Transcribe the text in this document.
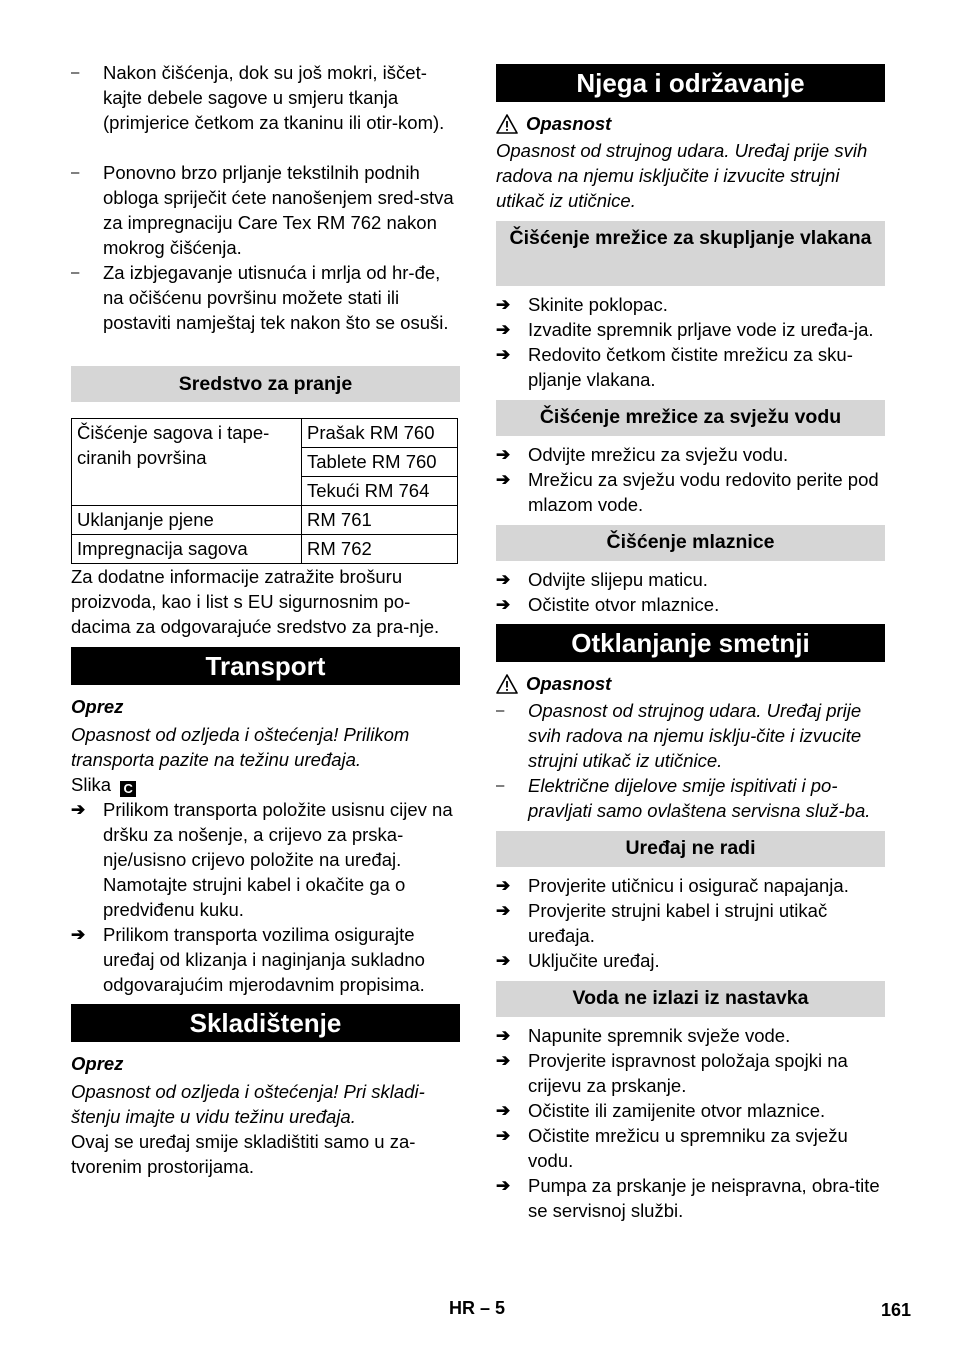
–	Nakon čišćenja, dok su još mokri, iščet-kajte debele sagove u smjeru tkanja (primjerice četkom za tkaninu ili otir-kom).

–	Ponovno brzo prljanje tekstilnih podnih obloga spriječit ćete nanošenjem sred-stva za impregnaciju Care Tex RM 762 nakon mokrog čišćenja.

–	Za izbjegavanje utisnuća i mrlja od hr-đe, na očišćenu površinu možete stati ili postaviti namještaj tek nakon što se osuši.

Sredstvo za pranje
Čišćenje sagova i tape-ciranih površina	Prašak RM 760
	Tablete RM 760
	Tekući RM 764
Uklanjanje pjene	RM 761
Impregnacija sagova	RM 762

Za dodatne informacije zatražite brošuru proizvoda, kao i list s EU sigurnosnim po-dacima za odgovarajuće sredstvo za pra-nje.

Transport
Oprez

Opasnost od ozljeda i oštećenja! Prilikom transporta pazite na težinu uređaja.

Slika C

➔ Prilikom transporta položite usisnu cijev na dršku za nošenje, a crijevo za prska-nje/usisno crijevo položite na uređaj. Namotajte strujni kabel i okačite ga o predviđenu kuku.

➔ Prilikom transporta vozilima osigurajte uređaj od klizanja i naginjanja sukladno odgovarajućim mjerodavnim propisima.

Skladištenje
Oprez

Opasnost od ozljeda i oštećenja! Pri skladi-štenju imajte u vidu težinu uređaja.

Ovaj se uređaj smije skladištiti samo u za-tvorenim prostorijama.

Njega i održavanje
Opasnost

Opasnost od strujnog udara. Uređaj prije svih radova na njemu isključite i izvucite strujni utikač iz utičnice.

Čišćenje mrežice za skupljanje vlakana
➔ Skinite poklopac.

➔ Izvadite spremnik prljave vode iz uređa-ja.

➔ Redovito četkom čistite mrežicu za sku-pljanje vlakana.

Čišćenje mrežice za svježu vodu
➔ Odvijte mrežicu za svježu vodu.

➔ Mrežicu za svježu vodu redovito perite pod mlazom vode.

Čišćenje mlaznice
➔ Odvijte slijepu maticu.

➔ Očistite otvor mlaznice.

Otklanjanje smetnji
Opasnost
–	Opasnost od strujnog udara. Uređaj prije svih radova na njemu isklju-čite i izvucite strujni utikač iz utičnice.

–	Električne dijelove smije ispitivati i po-pravljati samo ovlaštena servisna služ-ba.

Uređaj ne radi
➔ Provjerite utičnicu i osigurač napajanja.

➔ Provjerite strujni kabel i strujni utikač uređaja.

➔ Uključite uređaj.

Voda ne izlazi iz nastavka
➔ Napunite spremnik svježe vode.

➔ Provjerite ispravnost položaja spojki na crijevu za prskanje.

➔ Očistite ili zamijenite otvor mlaznice.

➔ Očistite mrežicu u spremniku za svježu vodu.

➔ Pumpa za prskanje je neispravna, obra-tite se servisnoj službi.

HR – 5	161
